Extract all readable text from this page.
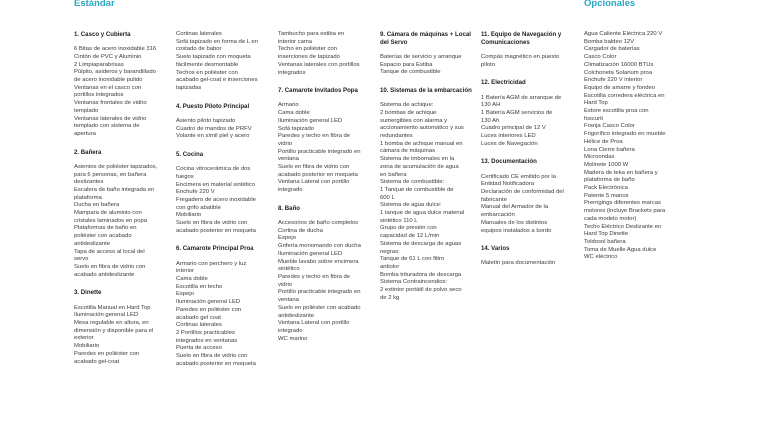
Estándar	Opcionales
1. Casco y Cubierta

6 Bitas de acero inoxidable 316

Cintón de PVC y Aluminio

2 Limpiaparabrisas

Púlpito, asideros y barandillado

de acero inoxidable pulido

Ventanas en el casco con

portillos integrados

Ventanas frontales de vidrio

templado

Ventanas laterales de vidrio

templado con sistema de

apertura

2. Bañera

Asientos de poliéster tapizados,

para 6 personas, en bañera

deslizantes

Escalera de baño integrada en

plataforma

Ducha en bañera

Mampara de aluminio con

cristales laminados en popa

Plataformas de baño en

poliéster con acabado

antideslizante

Tapa de acceso al local del

servo

Suelo en fibra de vidrio con

acabado antideslizante

3. Dinette

Escotilla Manual en Hard Top

Iluminación general LED

Mesa regulable en altura, en

dimensión y disponible para el

exterior

Mobiliario

Paredes en poliéster con

acabado gel-coat

Cortinas laterales

Sofá tapizado en forma de L en

costado de babor

Suelo tapizado con moqueta

fácilmente desmontable

Techos en poliéster con

acabado gel-coat e inserciones

tapizadas

4. Puesto Piloto Principal

Asiento piloto tapizado

Cuadro de mandos de PRFV

Volante en símil piel y acero

5. Cocina

Cocina vitrocerámica de dos

fuegos

Encimera en material sintético

Enchufe 220 V

Fregadero de acero inoxidable

con grifo abatible

Mobiliario

Suelo en fibra de vidrio con

acabado posterior en moqueta

6. Camarote Principal Proa

Armario con perchero y luz

interior

Cama doble

Escotilla en techo

Espejo

Iluminación general LED

Paredes en poliéster con

acabado gel coat

Cortinas laterales

2 Portillos practicables

integrados en ventanas

Puerta de acceso

Suelo en fibra de vidrio con

acabado posterior en moqueta

Tambucho para estiba en

interior cama

Techo en poliéster con

inserciones de tapizado

Ventanas laterales con portillos

integrados

7. Camarote Invitados Popa

Armario

Cama doble

Iluminación general LED

Sofá tapizado

Paredes y techo en fibra de

vidrio

Portillo practicable integrado en

ventana

Suelo en fibra de vidrio con

acabado posterior en moqueta

Ventana Lateral con portillo

integrado

8. Baño

Accesorios de baño completos

Cortina de ducha

Espejo

Grifería monomando con ducha

Iluminación general LED

Mueble lavabo sobre encimera

sintético

Paredes y techo en fibra de

vidrio

Portillo practicable integrado en

ventana

Suelo en poliéster con acabado

antideslizante

Ventana Lateral con portillo

integrado

WC marino

9. Cámara de máquinas + Local del Servo

Baterías de servicio y arranque

Espacio para Estiba

Tanque de combustible

10. Sistemas de la embarcación

Sistema de achique:

2 bombas de achique

sumergibles con alarma y

accionamiento automático y sus

redundantes

1 bomba de achique manual en

cámara de máquinas

Sistema de imbornales en la

zona de acumulación de agua

en bañera

Sistema de combustible:

1 Tanque de combustible de

600 L

Sistema de agua dulce:

1 tanque de agua dulce material

sintético 110 L

Grupo de presión con

capacidad de 12 L/min

Sistema de descarga de aguas

negras:

Tanque de 61 L con filtro

antiolor

Bomba trituradora de descarga

Sistema Contraincendios:

2 extintor portátil de polvo seco

de 2 kg

11. Equipo de Navegación y Comunicaciones

Compás magnético en puesto

piloto

12. Electricidad

1 Batería AGM de arranque de

130 AH

1 Batería AGM servicios de

130 Ah

Cuadro principal de 12 V

Luces interiores LED

Luces de Navegación

13. Documentación

Certificado CE emitido por la

Entidad Notificadora

Declaración de conformidad del

fabricante

Manual del Armador de la

embarcación

Manuales de los distintos

equipos instalados a bordo

14. Varios

Maletín para documentación

Agua Caliente Eléctrica 220 V

Bomba baldeo 12V

Cargador de baterías

Casco Color

Climatización 16000 BTUs

Colchoneta Solarium proa

Enchufe 220 V interior

Equipo de amarre y fondeo

Escotilla corredera eléctrica en

Hard Top

Estore escotilla proa con

foscurit

Franja Casco Color

Frigorífico integrado en mueble

Hélice de Proa

Lona Cierre bañera

Microondas

Molinete 1000 W

Madera de teka en bañera y

plataforma de baño

Pack Electrónica

Patente 5 manos

Prerrigings diferentes marcas

motores (incluye Brackets para

cada modelo motor)

Techo Eléctrico Deslizante en

Hard Top Dinette

Toldosol bañera

Toma de Muelle Agua dulce

WC eléctrico
